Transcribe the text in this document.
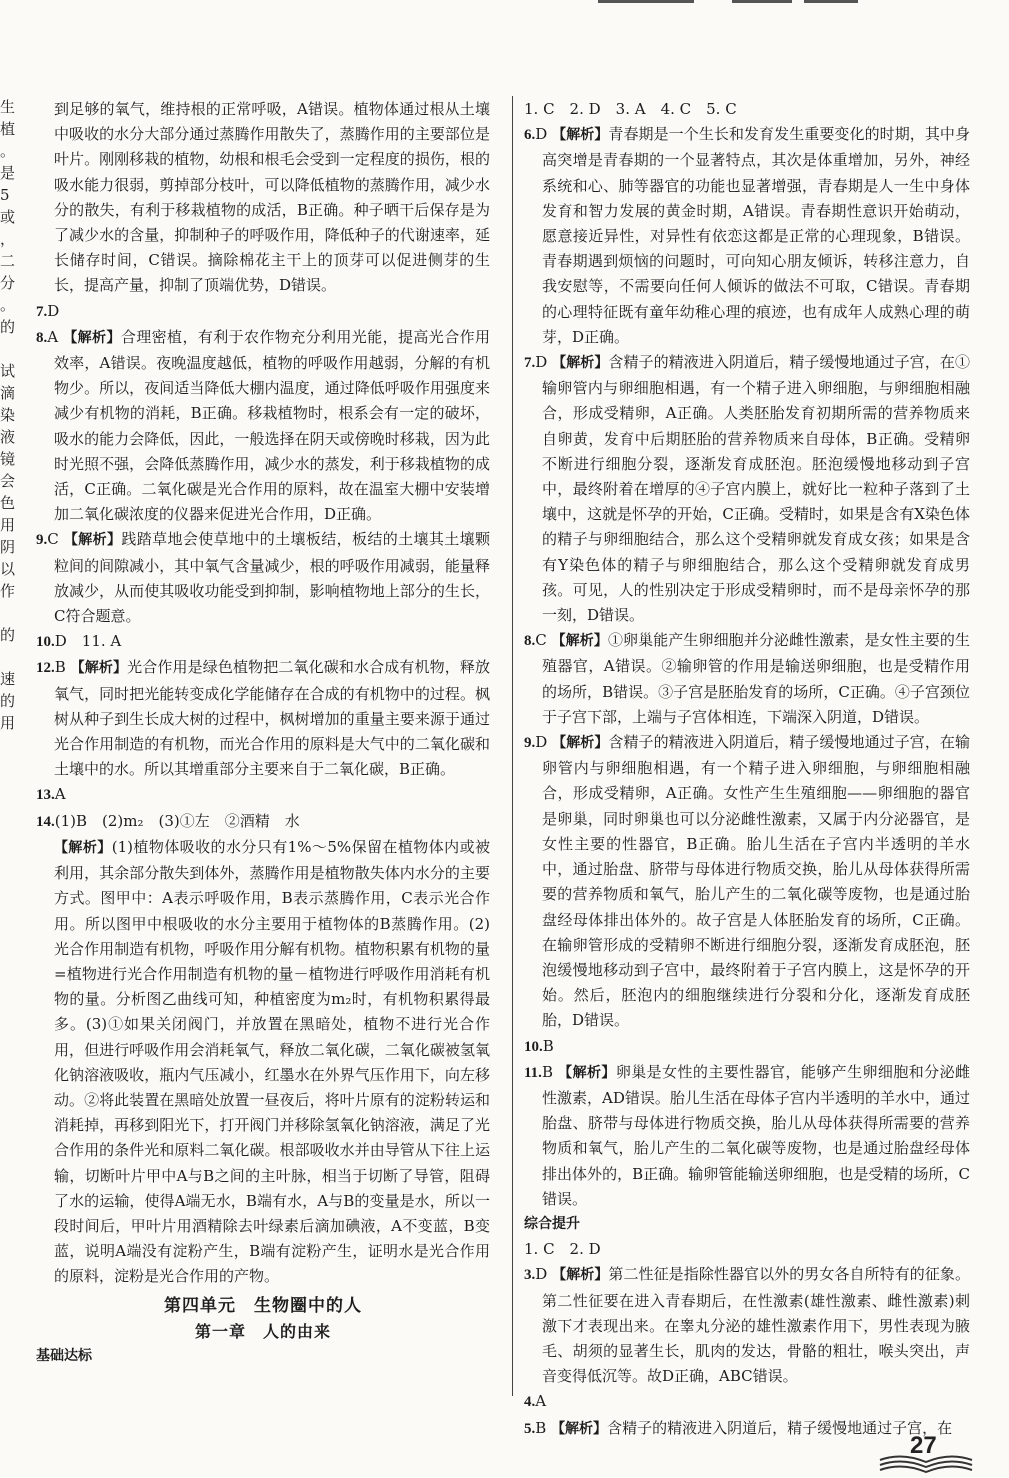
生
植
。
是
5
或
，
二
分
。
的
试
滴
染
液
镜
会
色
用
阴
以
作
的
速
的
用

到足够的氧气，维持根的正常呼吸，A错误。植物体通过根从土壤中吸收的水分大部分通过蒸腾作用散失了，蒸腾作用的主要部位是叶片。刚刚移栽的植物，幼根和根毛会受到一定程度的损伤，根的吸水能力很弱，剪掉部分枝叶，可以降低植物的蒸腾作用，减少水分的散失，有利于移栽植物的成活，B正确。种子晒干后保存是为了减少水的含量，抑制种子的呼吸作用，降低种子的代谢速率，延长储存时间，C错误。摘除棉花主干上的顶芽可以促进侧芽的生长，提高产量，抑制了顶端优势，D错误。

7.D

8.A 【解析】合理密植，有利于农作物充分利用光能，提高光合作用效率，A错误。夜晚温度越低，植物的呼吸作用越弱，分解的有机物少。所以，夜间适当降低大棚内温度，通过降低呼吸作用强度来减少有机物的消耗，B正确。移栽植物时，根系会有一定的破坏，吸水的能力会降低，因此，一般选择在阴天或傍晚时移栽，因为此时光照不强，会降低蒸腾作用，减少水的蒸发，利于移栽植物的成活，C正确。二氧化碳是光合作用的原料，故在温室大棚中安装增加二氧化碳浓度的仪器来促进光合作用，D正确。

9.C 【解析】践踏草地会使草地中的土壤板结，板结的土壤其土壤颗粒间的间隙减小，其中氧气含量减少，根的呼吸作用减弱，能量释放减少，从而使其吸收功能受到抑制，影响植物地上部分的生长，C符合题意。

10.D　11. A

12.B 【解析】光合作用是绿色植物把二氧化碳和水合成有机物，释放氧气，同时把光能转变成化学能储存在合成的有机物中的过程。枫树从种子到生长成大树的过程中，枫树增加的重量主要来源于通过光合作用制造的有机物，而光合作用的原料是大气中的二氧化碳和土壤中的水。所以其增重部分主要来自于二氧化碳，B正确。

13.A

14.(1)B　(2)m₂　(3)①左　②酒精　水

【解析】(1)植物体吸收的水分只有1%～5%保留在植物体内或被利用，其余部分散失到体外，蒸腾作用是植物散失体内水分的主要方式。图甲中：A表示呼吸作用，B表示蒸腾作用，C表示光合作用。所以图甲中根吸收的水分主要用于植物体的B蒸腾作用。(2)光合作用制造有机物，呼吸作用分解有机物。植物积累有机物的量=植物进行光合作用制造有机物的量－植物进行呼吸作用消耗有机物的量。分析图乙曲线可知，种植密度为m₂时，有机物积累得最多。(3)①如果关闭阀门，并放置在黑暗处，植物不进行光合作用，但进行呼吸作用会消耗氧气，释放二氧化碳，二氧化碳被氢氧化钠溶液吸收，瓶内气压减小，红墨水在外界气压作用下，向左移动。②将此装置在黑暗处放置一昼夜后，将叶片原有的淀粉转运和消耗掉，再移到阳光下，打开阀门并移除氢氧化钠溶液，满足了光合作用的条件光和原料二氧化碳。根部吸收水并由导管从下往上运输，切断叶片甲中A与B之间的主叶脉，相当于切断了导管，阻碍了水的运输，使得A端无水，B端有水，A与B的变量是水，所以一段时间后，甲叶片用酒精除去叶绿素后滴加碘液，A不变蓝，B变蓝，说明A端没有淀粉产生，B端有淀粉产生，证明水是光合作用的原料，淀粉是光合作用的产物。

第四单元　生物圈中的人

第一章　人的由来

基础达标

1. C　2. D　3. A　4. C　5. C

6.D 【解析】青春期是一个生长和发育发生重要变化的时期，其中身高突增是青春期的一个显著特点，其次是体重增加，另外，神经系统和心、肺等器官的功能也显著增强，青春期是人一生中身体发育和智力发展的黄金时期，A错误。青春期性意识开始萌动，愿意接近异性，对异性有依恋这都是正常的心理现象，B错误。青春期遇到烦恼的问题时，可向知心朋友倾诉，转移注意力，自我安慰等，不需要向任何人倾诉的做法不可取，C错误。青春期的心理特征既有童年幼稚心理的痕迹，也有成年人成熟心理的萌芽，D正确。

7.D 【解析】含精子的精液进入阴道后，精子缓慢地通过子宫，在①输卵管内与卵细胞相遇，有一个精子进入卵细胞，与卵细胞相融合，形成受精卵，A正确。人类胚胎发育初期所需的营养物质来自卵黄，发育中后期胚胎的营养物质来自母体，B正确。受精卵不断进行细胞分裂，逐渐发育成胚泡。胚泡缓慢地移动到子宫中，最终附着在增厚的④子宫内膜上，就好比一粒种子落到了土壤中，这就是怀孕的开始，C正确。受精时，如果是含有X染色体的精子与卵细胞结合，那么这个受精卵就发育成女孩；如果是含有Y染色体的精子与卵细胞结合，那么这个受精卵就发育成男孩。可见，人的性别决定于形成受精卵时，而不是母亲怀孕的那一刻，D错误。

8.C 【解析】①卵巢能产生卵细胞并分泌雌性激素，是女性主要的生殖器官，A错误。②输卵管的作用是输送卵细胞，也是受精作用的场所，B错误。③子宫是胚胎发育的场所，C正确。④子宫颈位于子宫下部，上端与子宫体相连，下端深入阴道，D错误。

9.D 【解析】含精子的精液进入阴道后，精子缓慢地通过子宫，在输卵管内与卵细胞相遇，有一个精子进入卵细胞，与卵细胞相融合，形成受精卵，A正确。女性产生生殖细胞——卵细胞的器官是卵巢，同时卵巢也可以分泌雌性激素，又属于内分泌器官，是女性主要的性器官，B正确。胎儿生活在子宫内半透明的羊水中，通过胎盘、脐带与母体进行物质交换，胎儿从母体获得所需要的营养物质和氧气，胎儿产生的二氧化碳等废物，也是通过胎盘经母体排出体外的。故子宫是人体胚胎发育的场所，C正确。在输卵管形成的受精卵不断进行细胞分裂，逐渐发育成胚泡，胚泡缓慢地移动到子宫中，最终附着于子宫内膜上，这是怀孕的开始。然后，胚泡内的细胞继续进行分裂和分化，逐渐发育成胚胎，D错误。

10.B

11.B 【解析】卵巢是女性的主要性器官，能够产生卵细胞和分泌雌性激素，AD错误。胎儿生活在母体子宫内半透明的羊水中，通过胎盘、脐带与母体进行物质交换，胎儿从母体获得所需要的营养物质和氧气，胎儿产生的二氧化碳等废物，也是通过胎盘经母体排出体外的，B正确。输卵管能输送卵细胞，也是受精的场所，C错误。

综合提升

1. C　2. D

3.D 【解析】第二性征是指除性器官以外的男女各自所特有的征象。第二性征要在进入青春期后，在性激素(雄性激素、雌性激素)刺激下才表现出来。在睾丸分泌的雄性激素作用下，男性表现为腋毛、胡须的显著生长，肌肉的发达，骨骼的粗壮，喉头突出，声音变得低沉等。故D正确，ABC错误。

4.A

5.B 【解析】含精子的精液进入阴道后，精子缓慢地通过子宫，在

27
